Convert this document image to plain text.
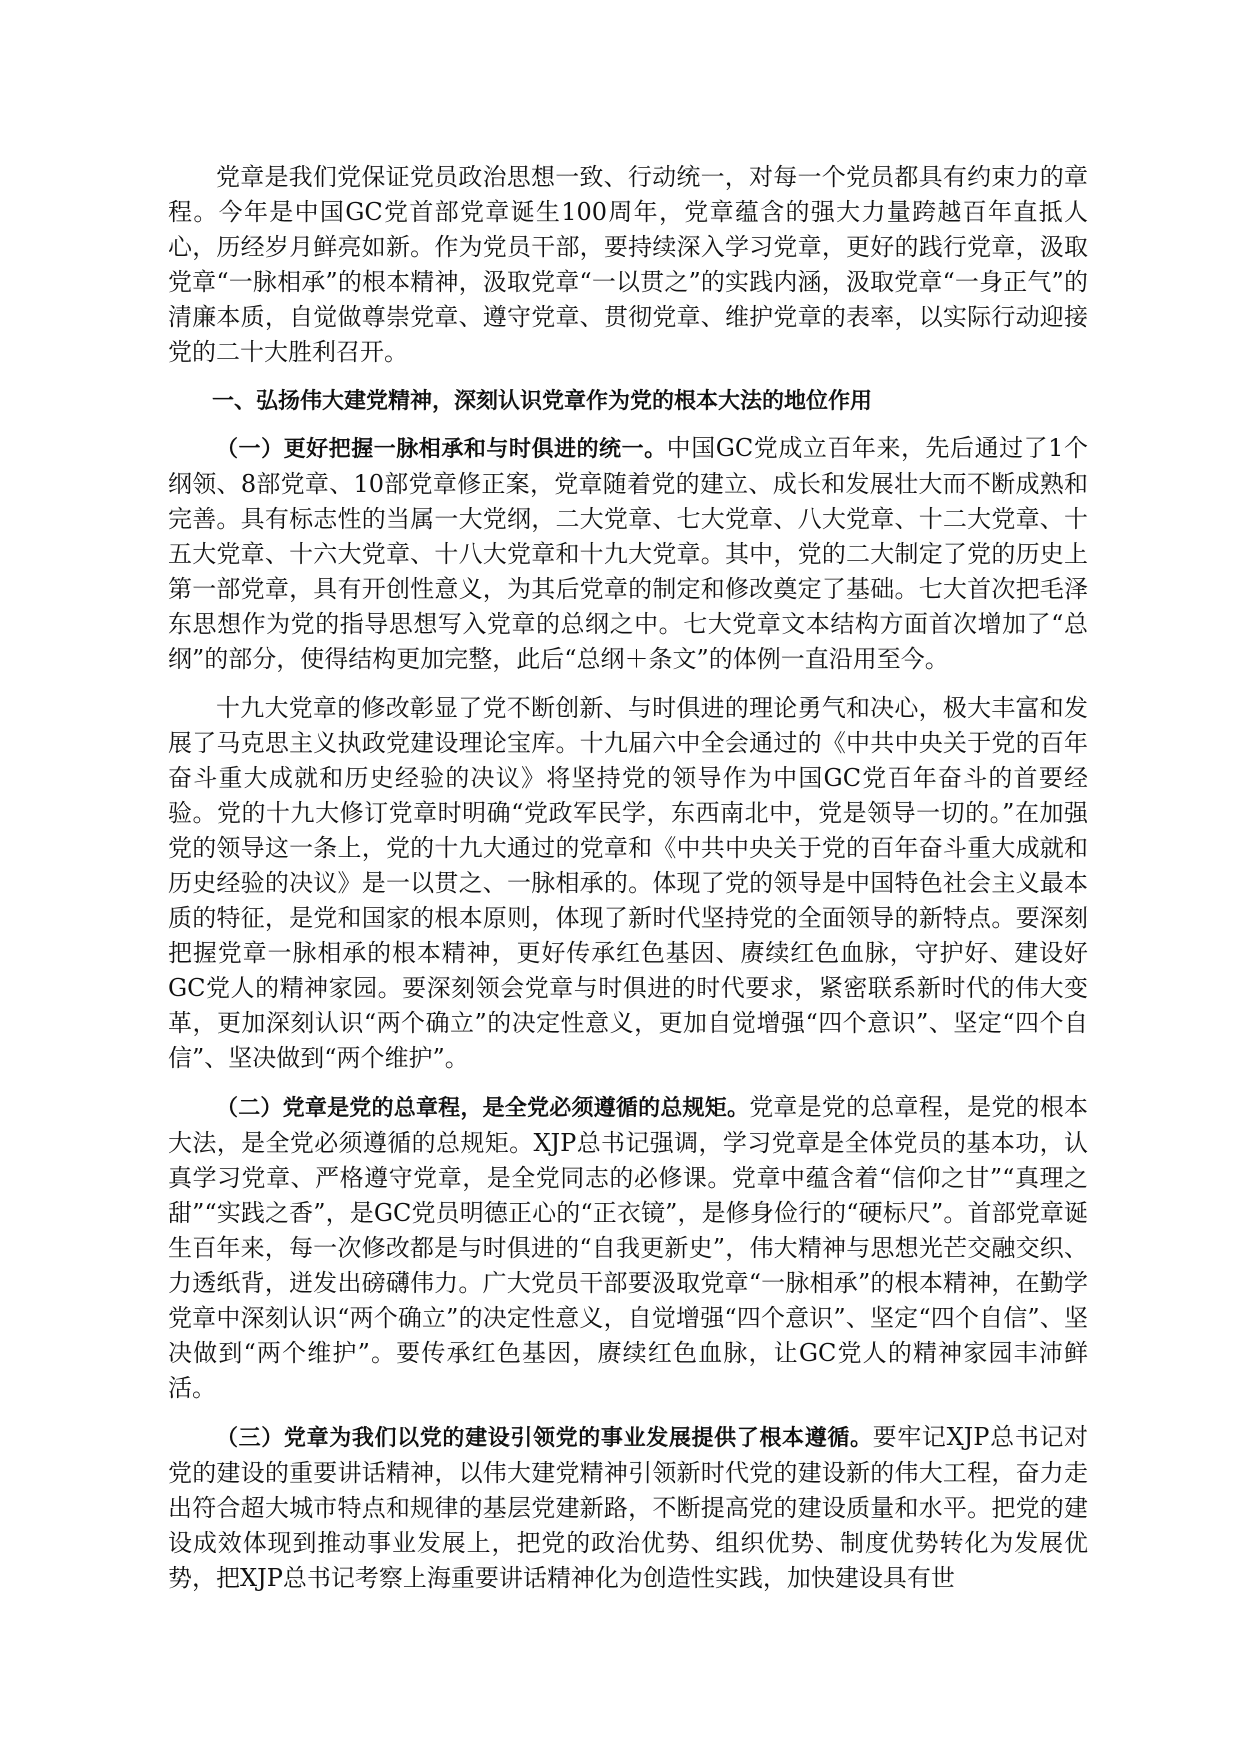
党章是我们党保证党员政治思想一致、行动统一，对每一个党员都具有约束力的章程。今年是中国GC党首部党章诞生100周年，党章蕴含的强大力量跨越百年直抵人心，历经岁月鲜亮如新。作为党员干部，要持续深入学习党章，更好的践行党章，汲取党章“一脉相承”的根本精神，汲取党章“一以贯之”的实践内涵，汲取党章“一身正气”的清廉本质，自觉做尊崇党章、遵守党章、贯彻党章、维护党章的表率，以实际行动迎接党的二十大胜利召开。

一、弘扬伟大建党精神，深刻认识党章作为党的根本大法的地位作用

（一）更好把握一脉相承和与时俱进的统一。中国GC党成立百年来，先后通过了1个纲领、8部党章、10部党章修正案，党章随着党的建立、成长和发展壮大而不断成熟和完善。具有标志性的当属一大党纲，二大党章、七大党章、八大党章、十二大党章、十五大党章、十六大党章、十八大党章和十九大党章。其中，党的二大制定了党的历史上第一部党章，具有开创性意义，为其后党章的制定和修改奠定了基础。七大首次把毛泽东思想作为党的指导思想写入党章的总纲之中。七大党章文本结构方面首次增加了“总纲”的部分，使得结构更加完整，此后“总纲＋条文”的体例一直沿用至今。

十九大党章的修改彰显了党不断创新、与时俱进的理论勇气和决心，极大丰富和发展了马克思主义执政党建设理论宝库。十九届六中全会通过的《中共中央关于党的百年奋斗重大成就和历史经验的决议》将坚持党的领导作为中国GC党百年奋斗的首要经验。党的十九大修订党章时明确“党政军民学，东西南北中，党是领导一切的。”在加强党的领导这一条上，党的十九大通过的党章和《中共中央关于党的百年奋斗重大成就和历史经验的决议》是一以贯之、一脉相承的。体现了党的领导是中国特色社会主义最本质的特征，是党和国家的根本原则，体现了新时代坚持党的全面领导的新特点。要深刻把握党章一脉相承的根本精神，更好传承红色基因、赓续红色血脉，守护好、建设好GC党人的精神家园。要深刻领会党章与时俱进的时代要求，紧密联系新时代的伟大变革，更加深刻认识“两个确立”的决定性意义，更加自觉增强“四个意识”、坚定“四个自信”、坚决做到“两个维护”。

（二）党章是党的总章程，是全党必须遵循的总规矩。党章是党的总章程，是党的根本大法，是全党必须遵循的总规矩。XJP总书记强调，学习党章是全体党员的基本功，认真学习党章、严格遵守党章，是全党同志的必修课。党章中蕴含着“信仰之甘”“真理之甜”“实践之香”，是GC党员明德正心的“正衣镜”，是修身俭行的“硬标尺”。首部党章诞生百年来，每一次修改都是与时俱进的“自我更新史”，伟大精神与思想光芒交融交织、力透纸背，迸发出磅礴伟力。广大党员干部要汲取党章“一脉相承”的根本精神，在勤学党章中深刻认识“两个确立”的决定性意义，自觉增强“四个意识”、坚定“四个自信”、坚决做到“两个维护”。要传承红色基因，赓续红色血脉，让GC党人的精神家园丰沛鲜活。

（三）党章为我们以党的建设引领党的事业发展提供了根本遵循。要牢记XJP总书记对党的建设的重要讲话精神，以伟大建党精神引领新时代党的建设新的伟大工程，奋力走出符合超大城市特点和规律的基层党建新路，不断提高党的建设质量和水平。把党的建设成效体现到推动事业发展上，把党的政治优势、组织优势、制度优势转化为发展优势，把XJP总书记考察上海重要讲话精神化为创造性实践，加快建设具有世
